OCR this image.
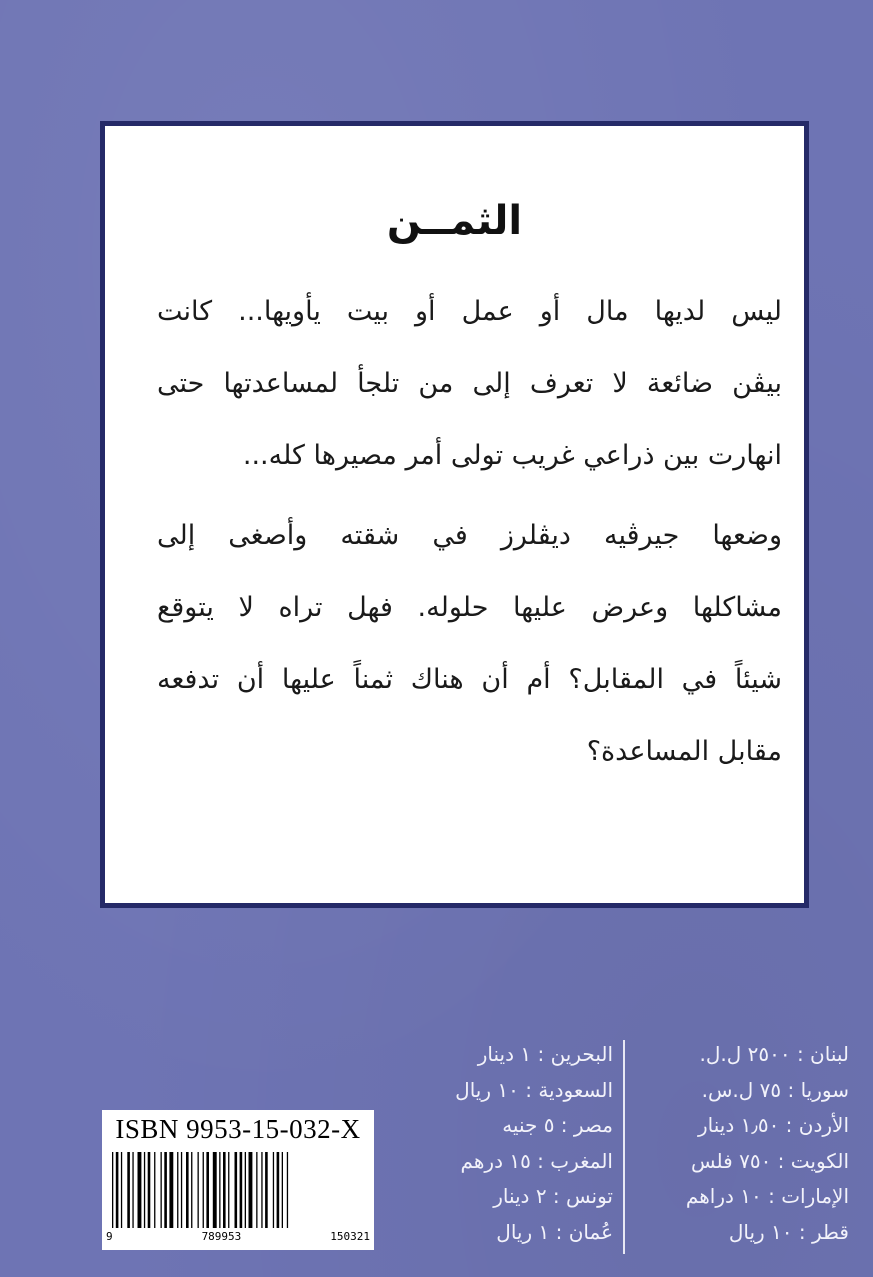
الثمــن
ليس لديها مال أو عمل أو بيت يأويها... كانت
بيڤن ضائعة لا تعرف إلى من تلجأ لمساعدتها حتى
انهارت بين ذراعي غريب تولى أمر مصيرها كله...
وضعها جيرڤيه ديڤلرز في شقته وأصغى إلى
مشاكلها وعرض عليها حلوله. فهل تراه لا يتوقع
شيئاً في المقابل؟ أم أن هناك ثمناً عليها أن تدفعه
مقابل المساعدة؟
لبنان : ٢٥٠٠ ل.ل.
سوريا : ٧٥ ل.س.
الأردن : ١٫٥٠ دينار
الكويت : ٧٥٠ فلس
الإمارات : ١٠ دراهم
قطر : ١٠ ريال
البحرين : ١ دينار
السعودية : ١٠ ريال
مصر : ٥ جنيه
المغرب : ١٥ درهم
تونس : ٢ دينار
عُمان : ١ ريال
ISBN 9953-15-032-X
9	789953	150321
